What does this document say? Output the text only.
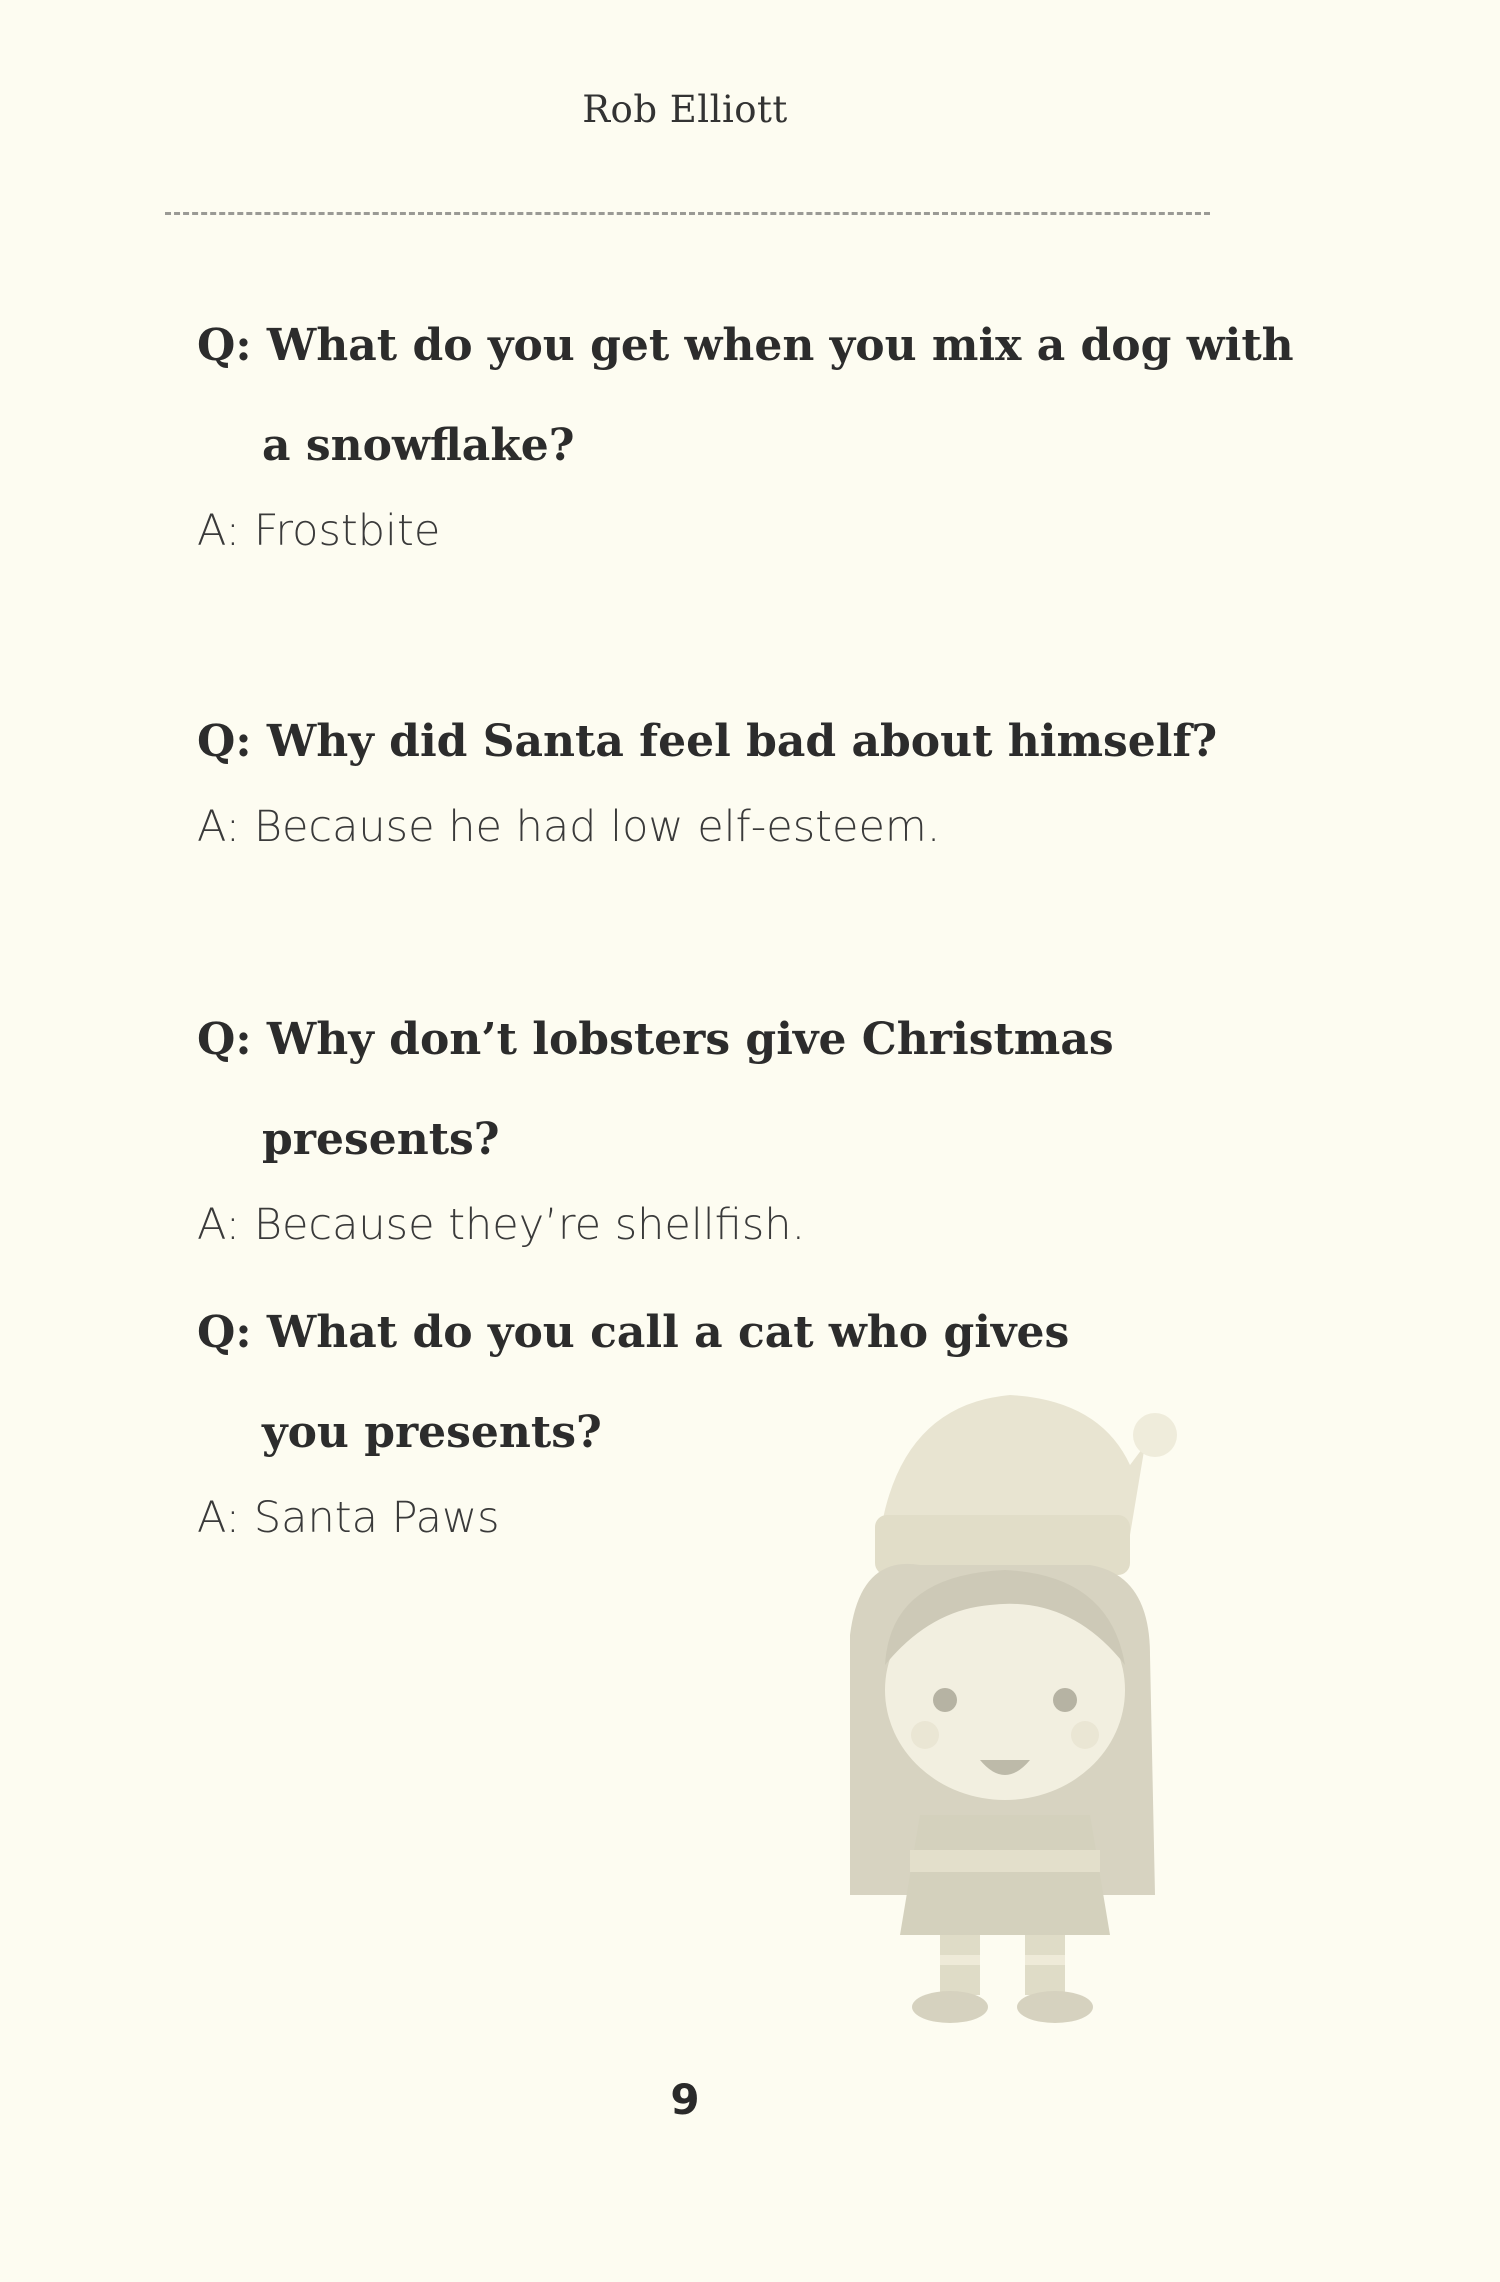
Rob Elliott

Q: What do you get when you mix a dog with a snowflake?

A: Frostbite

Q: Why did Santa feel bad about himself?

A: Because he had low elf-esteem.

Q: Why don’t lobsters give Christmas presents?

A: Because they’re shellfish.

Q: What do you call a cat who gives you presents?

A: Santa Paws

9
